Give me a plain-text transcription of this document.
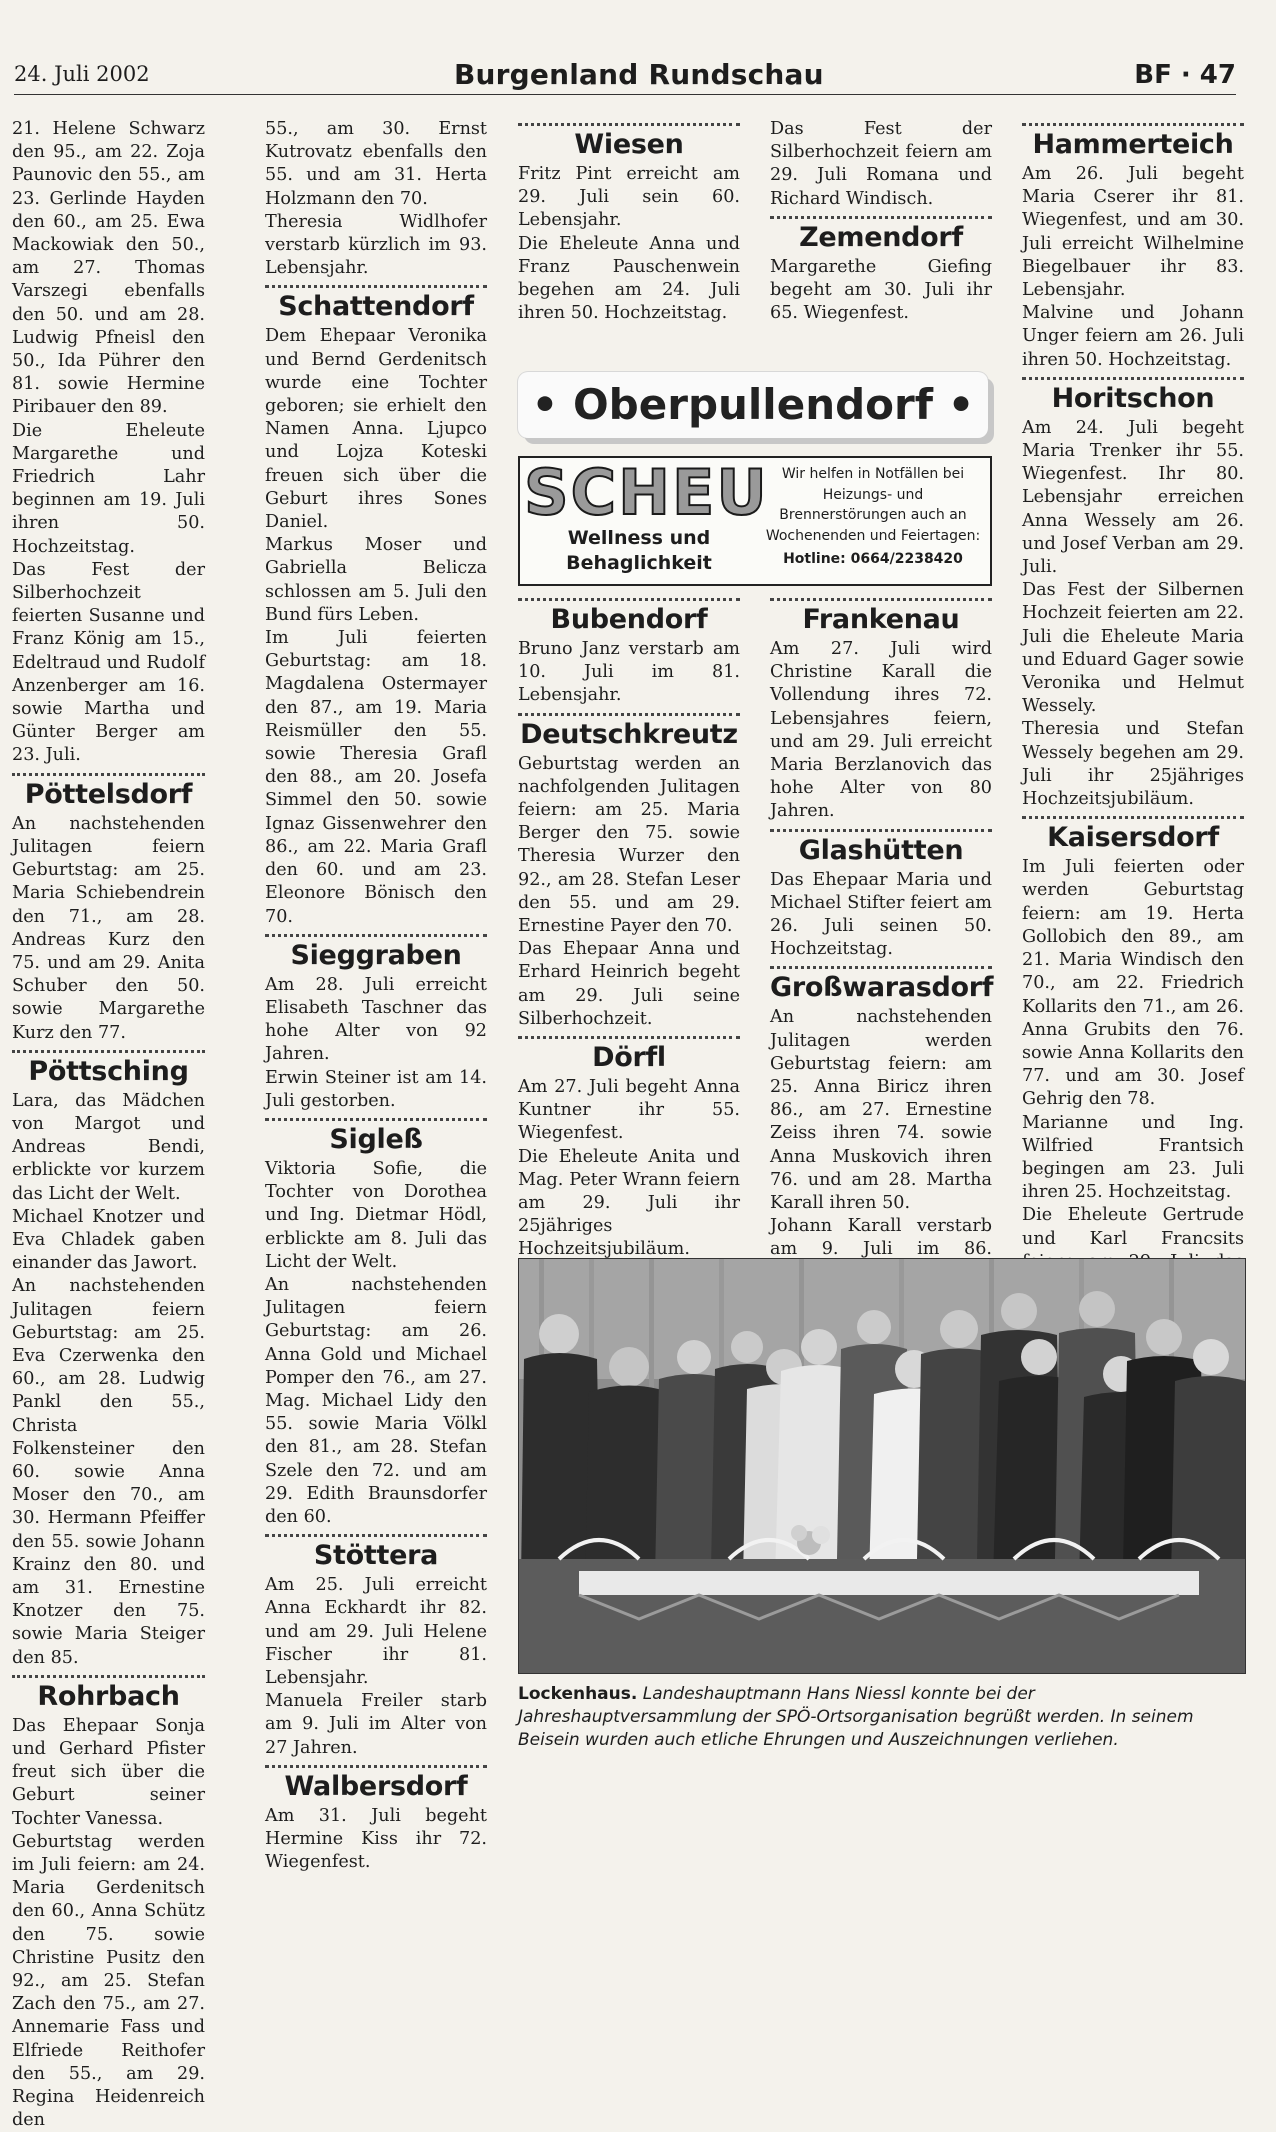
24. Juli 2002	Burgenland Rundschau	BF · 47

21. Helene Schwarz den 95., am 22. Zoja Paunovic den 55., am 23. Gerlinde Hayden den 60., am 25. Ewa Mackowiak den 50., am 27. Thomas Varszegi ebenfalls den 50. und am 28. Ludwig Pfneisl den 50., Ida Pührer den 81. sowie Hermine Piribauer den 89.

Die Eheleute Margarethe und Friedrich Lahr beginnen am 19. Juli ihren 50. Hochzeitstag.

Das Fest der Silberhochzeit feierten Susanne und Franz König am 15., Edeltraud und Rudolf Anzenberger am 16. sowie Martha und Günter Berger am 23. Juli.

Pöttelsdorf

An nachstehenden Julitagen feiern Geburtstag: am 25. Maria Schiebendrein den 71., am 28. Andreas Kurz den 75. und am 29. Anita Schuber den 50. sowie Margarethe Kurz den 77.

Pöttsching

Lara, das Mädchen von Margot und Andreas Bendi, erblickte vor kurzem das Licht der Welt.

Michael Knotzer und Eva Chladek gaben einander das Jawort.

An nachstehenden Julitagen feiern Geburtstag: am 25. Eva Czerwenka den 60., am 28. Ludwig Pankl den 55., Christa Folkensteiner den 60. sowie Anna Moser den 70., am 30. Hermann Pfeiffer den 55. sowie Johann Krainz den 80. und am 31. Ernestine Knotzer den 75. sowie Maria Steiger den 85.

Rohrbach

Das Ehepaar Sonja und Gerhard Pfister freut sich über die Geburt seiner Tochter Vanessa.

Geburtstag werden im Juli feiern: am 24. Maria Gerdenitsch den 60., Anna Schütz den 75. sowie Christine Pusitz den 92., am 25. Stefan Zach den 75., am 27. Annemarie Fass und Elfriede Reithofer den 55., am 29. Regina Heidenreich den

55., am 30. Ernst Kutrovatz ebenfalls den 55. und am 31. Herta Holzmann den 70.

Theresia Widlhofer verstarb kürzlich im 93. Lebensjahr.

Schattendorf

Dem Ehepaar Veronika und Bernd Gerdenitsch wurde eine Tochter geboren; sie erhielt den Namen Anna. Ljupco und Lojza Koteski freuen sich über die Geburt ihres Sones Daniel.

Markus Moser und Gabriella Belicza schlossen am 5. Juli den Bund fürs Leben.

Im Juli feierten Geburtstag: am 18. Magdalena Ostermayer den 87., am 19. Maria Reismüller den 55. sowie Theresia Grafl den 88., am 20. Josefa Simmel den 50. sowie Ignaz Gissenwehrer den 86., am 22. Maria Grafl den 60. und am 23. Eleonore Bönisch den 70.

Sieggraben

Am 28. Juli erreicht Elisabeth Taschner das hohe Alter von 92 Jahren.

Erwin Steiner ist am 14. Juli gestorben.

Sigleß

Viktoria Sofie, die Tochter von Dorothea und Ing. Dietmar Hödl, erblickte am 8. Juli das Licht der Welt.

An nachstehenden Julitagen feiern Geburtstag: am 26. Anna Gold und Michael Pomper den 76., am 27. Mag. Michael Lidy den 55. sowie Maria Völkl den 81., am 28. Stefan Szele den 72. und am 29. Edith Braunsdorfer den 60.

Stöttera

Am 25. Juli erreicht Anna Eckhardt ihr 82. und am 29. Juli Helene Fischer ihr 81. Lebensjahr.

Manuela Freiler starb am 9. Juli im Alter von 27 Jahren.

Walbersdorf

Am 31. Juli begeht Hermine Kiss ihr 72. Wiegenfest.

Wiesen

Fritz Pint erreicht am 29. Juli sein 60. Lebensjahr.

Die Eheleute Anna und Franz Pauschenwein begehen am 24. Juli ihren 50. Hochzeitstag.

Das Fest der Silberhochzeit feiern am 29. Juli Romana und Richard Windisch.

Zemendorf

Margarethe Giefing begeht am 30. Juli ihr 65. Wiegenfest.

• Oberpullendorf •
SCHEU
Wellness und
Behaglichkeit
Wir helfen in Notfällen bei Heizungs- und Brennerstörungen auch an Wochenenden und Feiertagen:
Hotline: 0664/2238420
Bubendorf

Bruno Janz verstarb am 10. Juli im 81. Lebensjahr.

Deutschkreutz

Geburtstag werden an nachfolgenden Julitagen feiern: am 25. Maria Berger den 75. sowie Theresia Wurzer den 92., am 28. Stefan Leser den 55. und am 29. Ernestine Payer den 70.

Das Ehepaar Anna und Erhard Heinrich begeht am 29. Juli seine Silberhochzeit.

Dörfl

Am 27. Juli begeht Anna Kuntner ihr 55. Wiegenfest.

Die Eheleute Anita und Mag. Peter Wrann feiern am 29. Juli ihr 25jähriges Hochzeitsjubiläum.

Frankenau

Am 27. Juli wird Christine Karall die Vollendung ihres 72. Lebensjahres feiern, und am 29. Juli erreicht Maria Berzlanovich das hohe Alter von 80 Jahren.

Glashütten

Das Ehepaar Maria und Michael Stifter feiert am 26. Juli seinen 50. Hochzeitstag.

Großwarasdorf

An nachstehenden Julitagen werden Geburtstag feiern: am 25. Anna Biricz ihren 86., am 27. Ernestine Zeiss ihren 74. sowie Anna Muskovich ihren 76. und am 28. Martha Karall ihren 50.

Johann Karall verstarb am 9. Juli im 86.

Hammerteich

Am 26. Juli begeht Maria Cserer ihr 81. Wiegenfest, und am 30. Juli erreicht Wilhelmine Biegelbauer ihr 83. Lebensjahr.

Malvine und Johann Unger feiern am 26. Juli ihren 50. Hochzeitstag.

Horitschon

Am 24. Juli begeht Maria Trenker ihr 55. Wiegenfest. Ihr 80. Lebensjahr erreichen Anna Wessely am 26. und Josef Verban am 29. Juli.

Das Fest der Silbernen Hochzeit feierten am 22. Juli die Eheleute Maria und Eduard Gager sowie Veronika und Helmut Wessely.

Theresia und Stefan Wessely begehen am 29. Juli ihr 25jähriges Hochzeitsjubiläum.

Kaisersdorf

Im Juli feierten oder werden Geburtstag feiern: am 19. Herta Gollobich den 89., am 21. Maria Windisch den 70., am 22. Friedrich Kollarits den 71., am 26. Anna Grubits den 76. sowie Anna Kollarits den 77. und am 30. Josef Gehrig den 78.

Marianne und Ing. Wilfried Frantsich begingen am 23. Juli ihren 25. Hochzeitstag.

Die Eheleute Gertrude und Karl Francsits

Lockenhaus. Landeshauptmann Hans Niessl konnte bei der Jahreshauptversammlung der SPÖ-Ortsorganisation begrüßt werden. In seinem Beisein wurden auch etliche Ehrungen und Auszeichnungen verliehen.
